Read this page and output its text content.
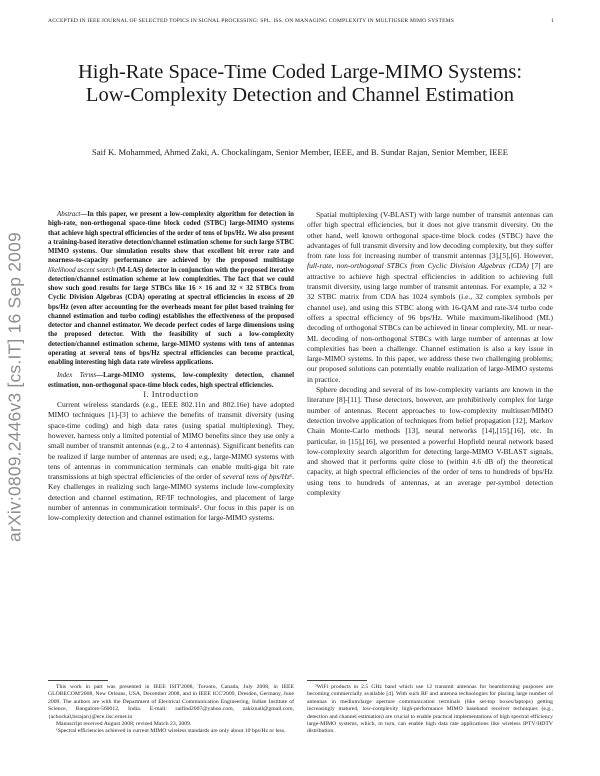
ACCEPTED IN IEEE JOURNAL OF SELECTED TOPICS IN SIGNAL PROCESSING: SPL. ISS. ON MANAGING COMPLEXITY IN MULTIUSER MIMO SYSTEMS	1
arXiv:0809.2446v3 [cs.IT] 16 Sep 2009
High-Rate Space-Time Coded Large-MIMO Systems: Low-Complexity Detection and Channel Estimation
Saif K. Mohammed, Ahmed Zaki, A. Chockalingam, Senior Member, IEEE, and B. Sundar Rajan, Senior Member, IEEE

Abstract—In this paper, we present a low-complexity algorithm for detection in high-rate, non-orthogonal space-time block coded (STBC) large-MIMO systems that achieve high spectral efficiencies of the order of tens of bps/Hz. We also present a training-based iterative detection/channel estimation scheme for such large STBC MIMO systems. Our simulation results show that excellent bit error rate and nearness-to-capacity performance are achieved by the proposed multistage likelihood ascent search (M-LAS) detector in conjunction with the proposed iterative detection/channel estimation scheme at low complexities. The fact that we could show such good results for large STBCs like 16 × 16 and 32 × 32 STBCs from Cyclic Division Algebras (CDA) operating at spectral efficiencies in excess of 20 bps/Hz (even after accounting for the overheads meant for pilot based training for channel estimation and turbo coding) establishes the effectiveness of the proposed detector and channel estimator. We decode perfect codes of large dimensions using the proposed detector. With the feasibility of such a low-complexity detection/channel estimation scheme, large-MIMO systems with tens of antennas operating at several tens of bps/Hz spectral efficiencies can become practical, enabling interesting high data rate wireless applications.

Index Terms—Large-MIMO systems, low-complexity detection, channel estimation, non-orthogonal space-time block codes, high spectral efficiencies.

I. Introduction

Current wireless standards (e.g., IEEE 802.11n and 802.16e) have adopted MIMO techniques [1]-[3] to achieve the benefits of transmit diversity (using space-time coding) and high data rates (using spatial multiplexing). They, however, harness only a limited potential of MIMO benefits since they use only a small number of transmit antennas (e.g., 2 to 4 antennas). Significant benefits can be realized if large number of antennas are used; e.g., large-MIMO systems with tens of antennas in communication terminals can enable multi-giga bit rate transmissions at high spectral efficiencies of the order of several tens of bps/Hz¹. Key challenges in realizing such large-MIMO systems include low-complexity detection and channel estimation, RF/IF technologies, and placement of large number of antennas in communication terminals². Our focus in this paper is on low-complexity detection and channel estimation for large-MIMO systems.

Spatial multiplexing (V-BLAST) with large number of transmit antennas can offer high spectral efficiencies, but it does not give transmit diversity. On the other hand, well known orthogonal space-time block codes (STBC) have the advantages of full transmit diversity and low decoding complexity, but they suffer from rate loss for increasing number of transmit antennas [3],[5],[6]. However, full-rate, non-orthogonal STBCs from Cyclic Division Algebras (CDA) [7] are attractive to achieve high spectral efficiencies in addition to achieving full transmit diversity, using large number of transmit antennas. For example, a 32 × 32 STBC matrix from CDA has 1024 symbols (i.e., 32 complex symbols per channel use), and using this STBC along with 16-QAM and rate-3/4 turbo code offers a spectral efficiency of 96 bps/Hz. While maximum-likelihood (ML) decoding of orthogonal STBCs can be achieved in linear complexity, ML or near-ML decoding of non-orthogonal STBCs with large number of antennas at low complexities has been a challenge. Channel estimation is also a key issue in large-MIMO systems. In this paper, we address these two challenging problems; our proposed solutions can potentially enable realization of large-MIMO systems in practice.

Sphere decoding and several of its low-complexity variants are known in the literature [8]-[11]. These detectors, however, are prohibitively complex for large number of antennas. Recent approaches to low-complexity multiuser/MIMO detection involve application of techniques from belief propagation [12], Markov Chain Monte-Carlo methods [13], neural networks [14],[15],[16], etc. In particular, in [15],[16], we presented a powerful Hopfield neural network based low-complexity search algorithm for detecting large-MIMO V-BLAST signals, and showed that it performs quite close to (within 4.6 dB of) the theoretical capacity, at high spectral efficiencies of the order of tens to hundreds of bps/Hz using tens to hundreds of antennas, at an average per-symbol detection complexity

This work in part was presented in IEEE ISIT'2008, Toronto, Canada, July 2008, in IEEE GLOBECOM'2008, New Orleans, USA, December 2008, and in IEEE ICC'2009, Dresden, Germany, June 2009. The authors are with the Department of Electrical Communication Engineering, Indian Institute of Science, Bangalore-560012, India. E-mail: saifind2007@yahoo.com, zakiznail@gmail.com, {achockal,bsrajan}@ece.iisc.ernet.in

Manuscript received August 2008; revised March 23, 2009.

¹Spectral efficiencies achieved in current MIMO wireless standards are only about 10 bps/Hz or less.

²WiFi products in 2.5 GHz band which use 12 transmit antennas for beamforming purposes are becoming commercially available [4]. With such RF and antenna technologies for placing large number of antennas in medium/large aperture communication terminals (like set-top boxes/laptops) getting increasingly matured, low-complexity high-performance MIMO baseband receiver techniques (e.g., detection and channel estimation) are crucial to enable practical implementations of high spectral efficiency large-MIMO systems, which, in turn, can enable high data rate applications like wireless IPTV/HDTV distribution.
